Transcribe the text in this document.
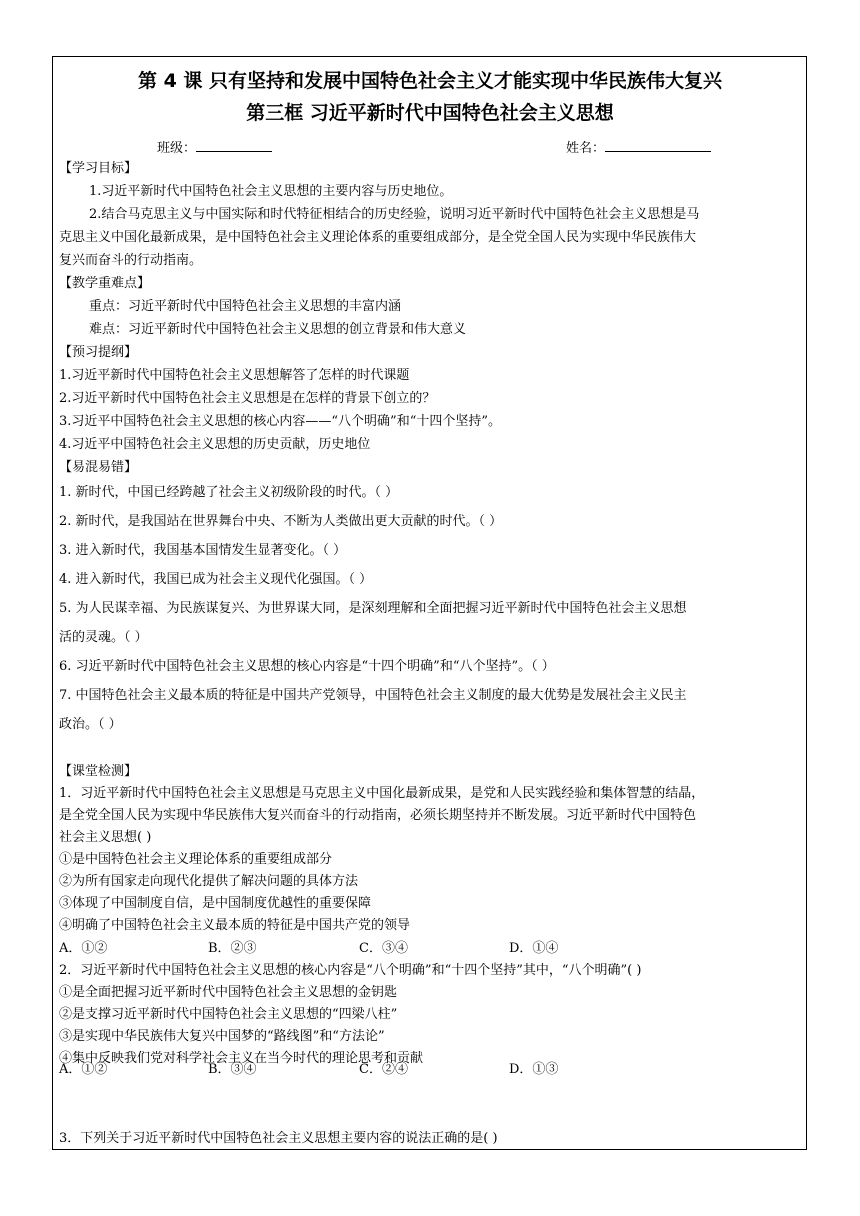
第 4 课 只有坚持和发展中国特色社会主义才能实现中华民族伟大复兴
第三框 习近平新时代中国特色社会主义思想
班级：	姓名：
【学习目标】
1.习近平新时代中国特色社会主义思想的主要内容与历史地位。
2.结合马克思主义与中国实际和时代特征相结合的历史经验，说明习近平新时代中国特色社会主义思想是马
克思主义中国化最新成果，是中国特色社会主义理论体系的重要组成部分，是全党全国人民为实现中华民族伟大
复兴而奋斗的行动指南。
【教学重难点】
重点：习近平新时代中国特色社会主义思想的丰富内涵
难点：习近平新时代中国特色社会主义思想的创立背景和伟大意义
【预习提纲】
1.习近平新时代中国特色社会主义思想解答了怎样的时代课题
2.习近平新时代中国特色社会主义思想是在怎样的背景下创立的？
3.习近平中国特色社会主义思想的核心内容——“八个明确”和“十四个坚持”。
4.习近平中国特色社会主义思想的历史贡献，历史地位
【易混易错】
1. 新时代，中国已经跨越了社会主义初级阶段的时代。（ ）
2. 新时代，是我国站在世界舞台中央、不断为人类做出更大贡献的时代。（ ）
3. 进入新时代，我国基本国情发生显著变化。（ ）
4. 进入新时代，我国已成为社会主义现代化强国。（ ）
5. 为人民谋幸福、为民族谋复兴、为世界谋大同，是深刻理解和全面把握习近平新时代中国特色社会主义思想
活的灵魂。（ ）
6. 习近平新时代中国特色社会主义思想的核心内容是“十四个明确”和“八个坚持”。（ ）
7. 中国特色社会主义最本质的特征是中国共产党领导，中国特色社会主义制度的最大优势是发展社会主义民主
政治。（ ）
【课堂检测】
1．习近平新时代中国特色社会主义思想是马克思主义中国化最新成果，是党和人民实践经验和集体智慧的结晶，
是全党全国人民为实现中华民族伟大复兴而奋斗的行动指南，必须长期坚持并不断发展。习近平新时代中国特色
社会主义思想( )
①是中国特色社会主义理论体系的重要组成部分
②为所有国家走向现代化提供了解决问题的具体方法
③体现了中国制度自信，是中国制度优越性的重要保障
④明确了中国特色社会主义最本质的特征是中国共产党的领导
A．①②	B．②③	C．③④	D．①④
2．习近平新时代中国特色社会主义思想的核心内容是“八个明确”和“十四个坚持”其中，“八个明确”( )
①是全面把握习近平新时代中国特色社会主义思想的金钥匙
②是支撑习近平新时代中国特色社会主义思想的“四梁八柱”
③是实现中华民族伟大复兴中国梦的“路线图”和“方法论”
④集中反映我们党对科学社会主义在当今时代的理论思考和贡献
A．①②	B．③④	C．②④	D．①③
3．下列关于习近平新时代中国特色社会主义思想主要内容的说法正确的是( )
